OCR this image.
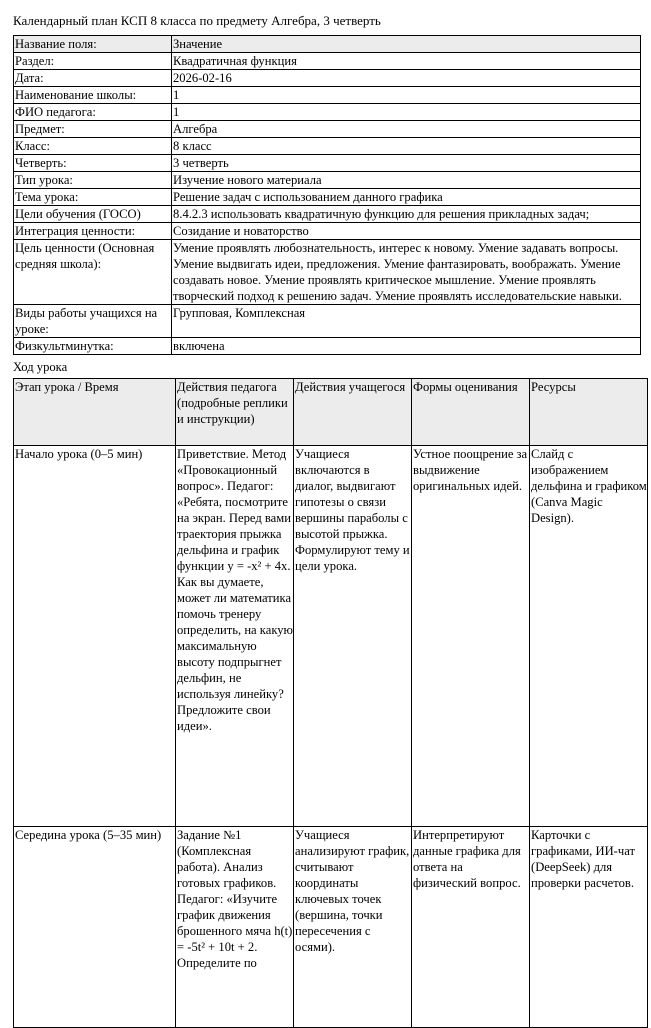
Календарный план КСП 8 класса по предмету Алгебра, 3 четверть
Название поля:	Значение
Раздел:	Квадратичная функция
Дата:	2026-02-16
Наименование школы:	1
ФИО педагога:	1
Предмет:	Алгебра
Класс:	8 класс
Четверть:	3 четверть
Тип урока:	Изучение нового материала
Тема урока:	Решение задач с использованием данного графика
Цели обучения (ГОСО)	8.4.2.3 использовать квадратичную функцию для решения прикладных задач;
Интеграция ценности:	Созидание и новаторство
Цель ценности (Основная средняя школа):	Умение проявлять любознательность, интерес к новому. Умение задавать вопросы. Умение выдвигать идеи, предложения. Умение фантазировать, воображать. Умение создавать новое. Умение проявлять критическое мышление. Умение проявлять творческий подход к решению задач. Умение проявлять исследовательские навыки.
Виды работы учащихся на уроке:	Групповая, Комплексная
Физкультминутка:	включена
Ход урока
Этап урока / Время	Действия педагога (подробные реплики и инструкции)	Действия учащегося	Формы оценивания	Ресурсы
Начало урока (0–5 мин)	Приветствие. Метод «Провокационный вопрос». Педагог: «Ребята, посмотрите на экран. Перед вами траектория прыжка дельфина и график функции y = -x² + 4x. Как вы думаете, может ли математика помочь тренеру определить, на какую максимальную высоту подпрыгнет дельфин, не используя линейку? Предложите свои идеи».	Учащиеся включаются в диалог, выдвигают гипотезы о связи вершины параболы с высотой прыжка. Формулируют тему и цели урока.	Устное поощрение за выдвижение оригинальных идей.	Слайд с изображением дельфина и графиком (Canva Magic Design).
Середина урока (5–35 мин)	Задание №1 (Комплексная работа). Анализ готовых графиков. Педагог: «Изучите график движения брошенного мяча h(t) = -5t² + 10t + 2. Определите по	Учащиеся анализируют график, считывают координаты ключевых точек (вершина, точки пересечения с осями).	Интерпретируют данные графика для ответа на физический вопрос.	Карточки с графиками, ИИ-чат (DeepSeek) для проверки расчетов.
